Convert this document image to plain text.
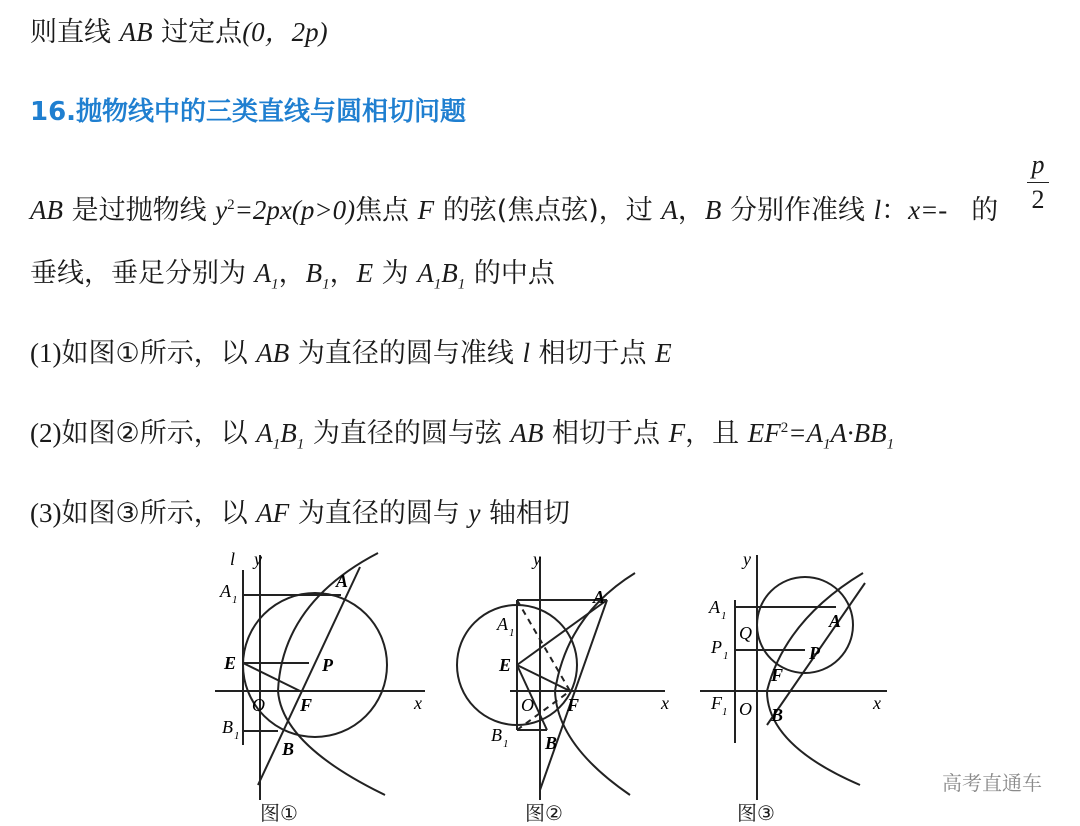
则直线 AB 过定点(0，2p)
16.抛物线中的三类直线与圆相切问题
p
2
AB 是过抛物线 $y^2=2px(p>0)$焦点 F 的弦(焦点弦)，过 A，B 分别作准线 l：x=- 的
垂线，垂足分别为 $A_1$，$B_1$，E 为 $A_1B_1$ 的中点
(1)如图①所示，以 AB 为直径的圆与准线 l 相切于点 E
(2)如图②所示，以 $A_1B_1$ 为直径的圆与弦 AB 相切于点 F，且 $EF^2=A_1A\cdot BB_1$
(3)如图③所示，以 AF 为直径的圆与 y 轴相切
l y
A 1
A
E	P
O F	x
B 1
B
图①
y
A
A 1
E
O F	x
B 1 B
图②
y
A 1
Q
A
P 1	P
F
F 1 O B
x
图③
高考直通车
